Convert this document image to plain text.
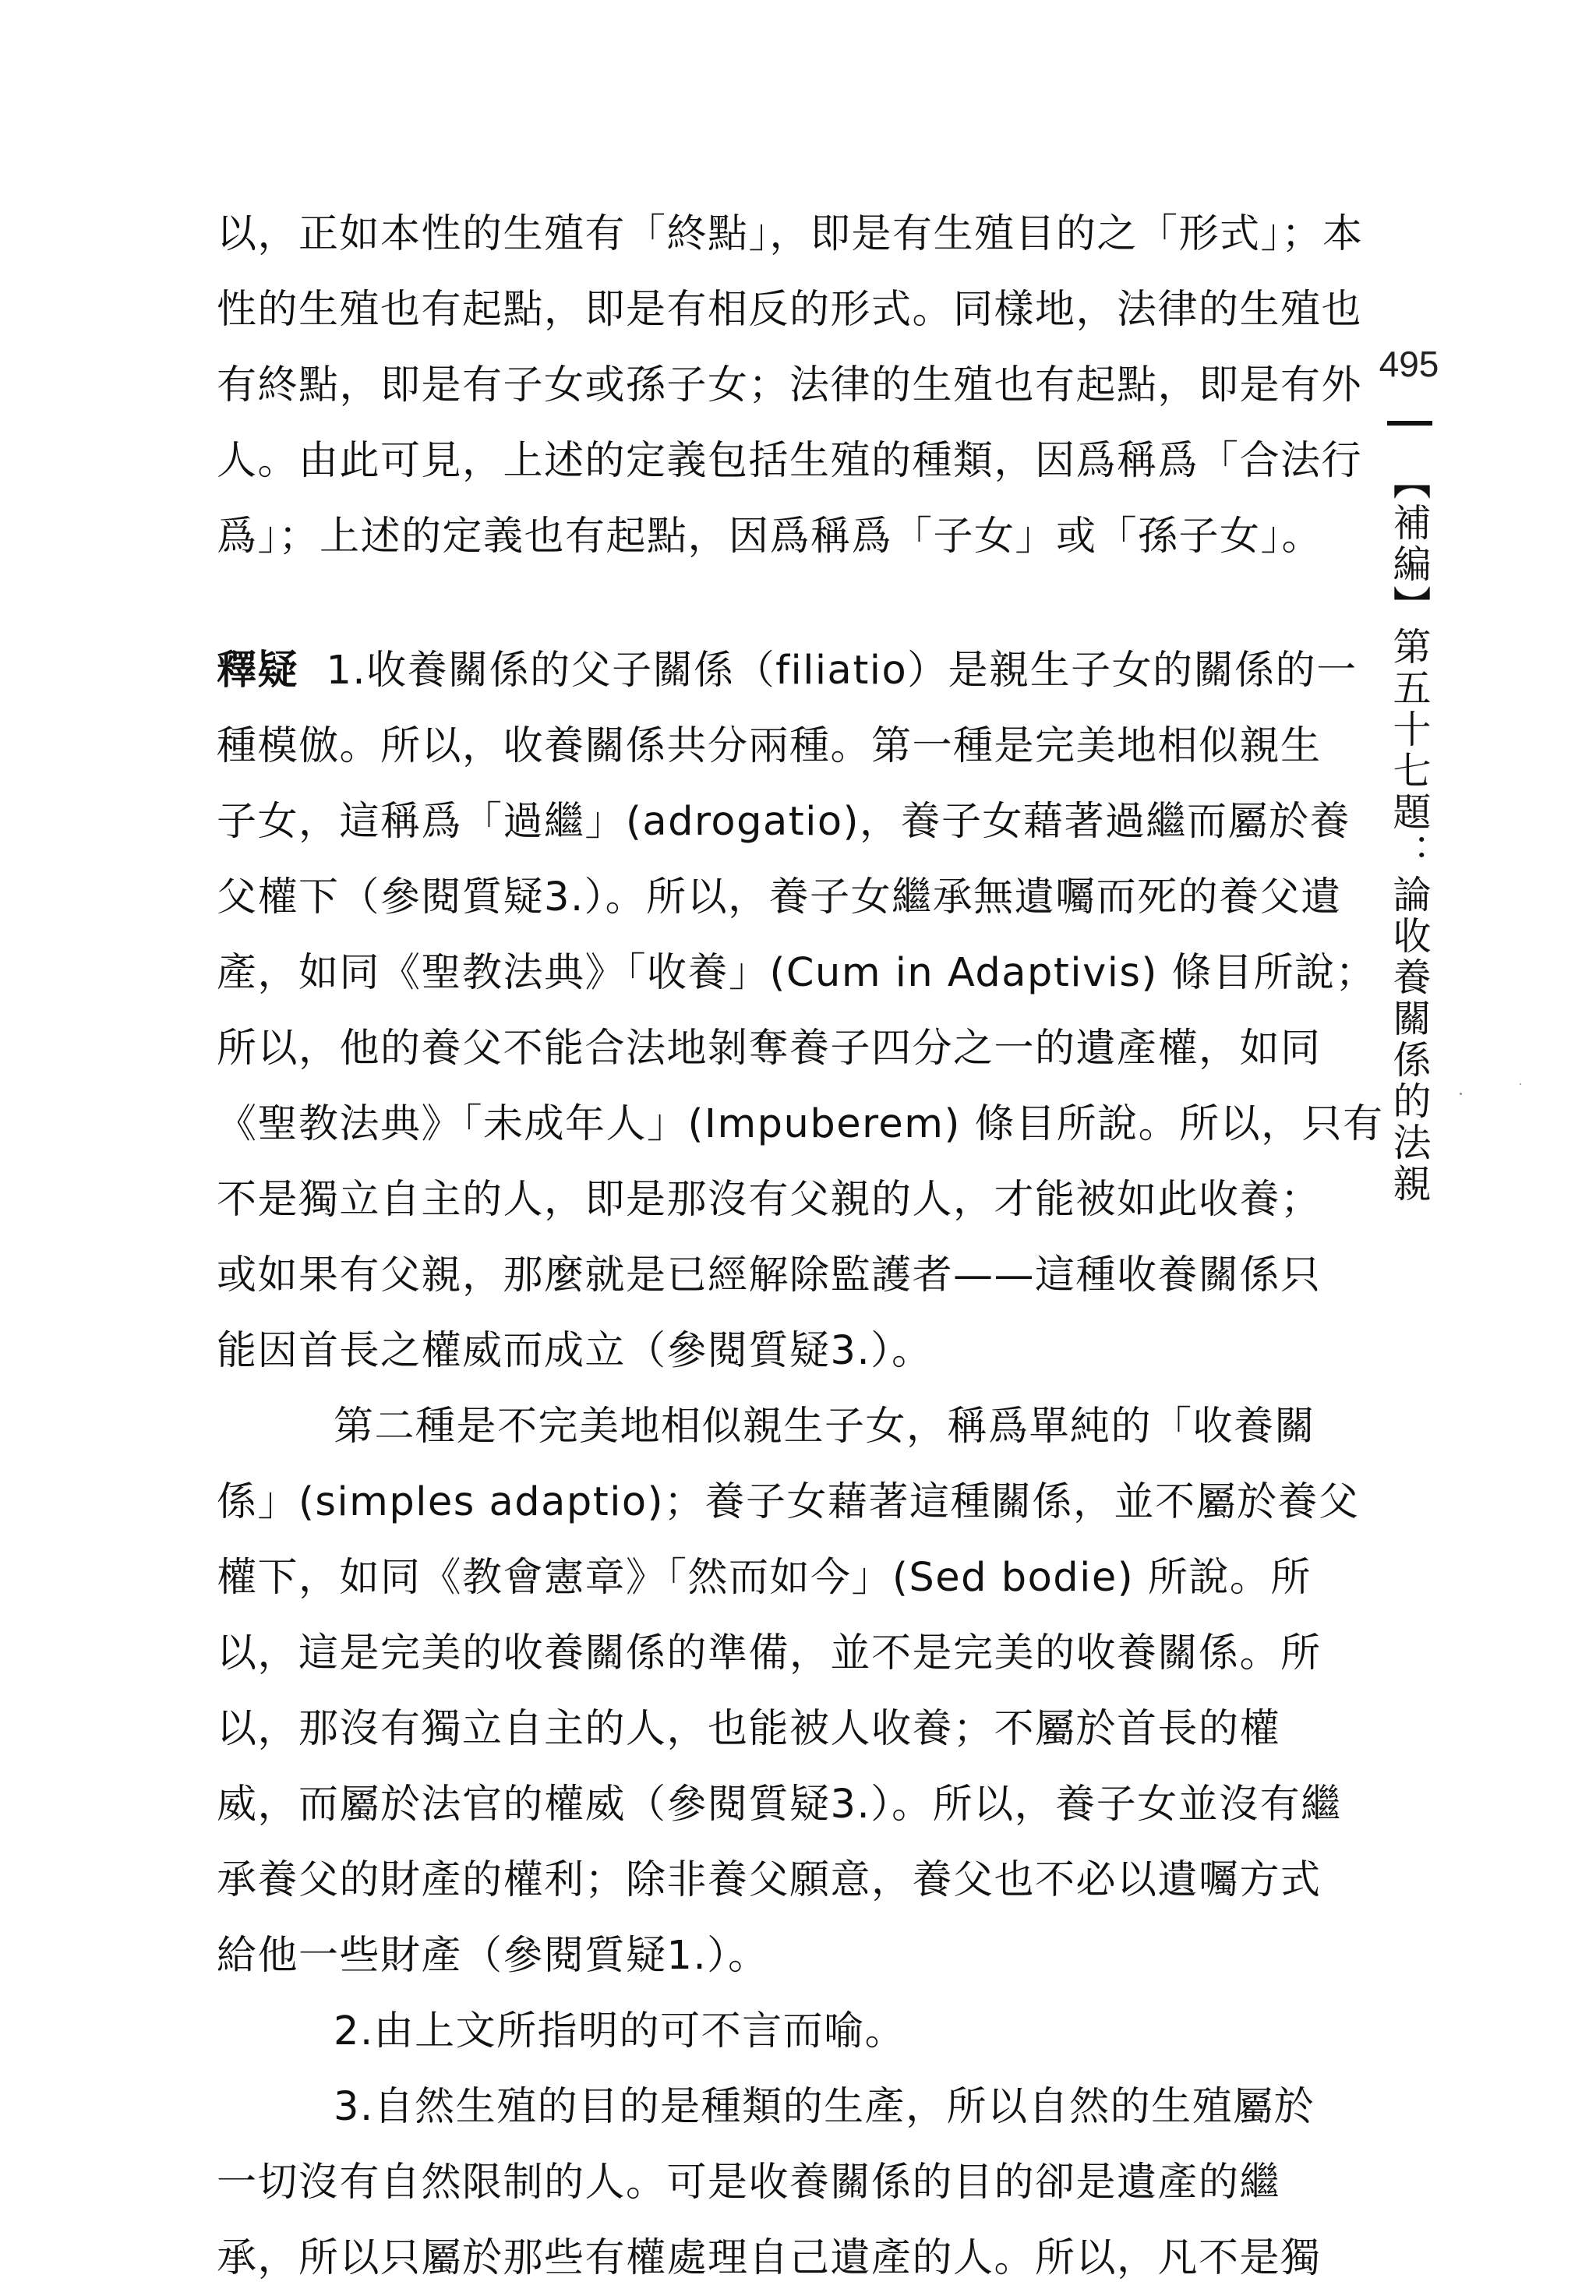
以，正如本性的生殖有「終點」，即是有生殖目的之「形式」；本
性的生殖也有起點，即是有相反的形式。同樣地，法律的生殖也
有終點，即是有子女或孫子女；法律的生殖也有起點，即是有外
人。由此可見，上述的定義包括生殖的種類，因爲稱爲「合法行
爲」；上述的定義也有起點，因爲稱爲「子女」或「孫子女」。
釋疑  1.收養關係的父子關係（filiatio）是親生子女的關係的一
種模倣。所以，收養關係共分兩種。第一種是完美地相似親生
子女，這稱爲「過繼」(adrogatio)，養子女藉著過繼而屬於養
父權下（參閱質疑3.）。所以，養子女繼承無遺囑而死的養父遺
產，如同《聖教法典》「收養」(Cum in Adaptivis) 條目所說；
所以，他的養父不能合法地剝奪養子四分之一的遺產權，如同
《聖教法典》「未成年人」(Impuberem) 條目所說。所以，只有
不是獨立自主的人，即是那沒有父親的人，才能被如此收養；
或如果有父親，那麼就是已經解除監護者——這種收養關係只
能因首長之權威而成立（參閱質疑3.）。
第二種是不完美地相似親生子女，稱爲單純的「收養關
係」(simples adaptio)；養子女藉著這種關係，並不屬於養父
權下，如同《教會憲章》「然而如今」(Sed bodie) 所說。所
以，這是完美的收養關係的準備，並不是完美的收養關係。所
以，那沒有獨立自主的人，也能被人收養；不屬於首長的權
威，而屬於法官的權威（參閱質疑3.）。所以，養子女並沒有繼
承養父的財產的權利；除非養父願意，養父也不必以遺囑方式
給他一些財產（參閱質疑1.）。
2.由上文所指明的可不言而喻。
3.自然生殖的目的是種類的生產，所以自然的生殖屬於
一切沒有自然限制的人。可是收養關係的目的卻是遺產的繼
承，所以只屬於那些有權處理自己遺產的人。所以，凡不是獨
495
【補編】第五十七題：論收養關係的法親
